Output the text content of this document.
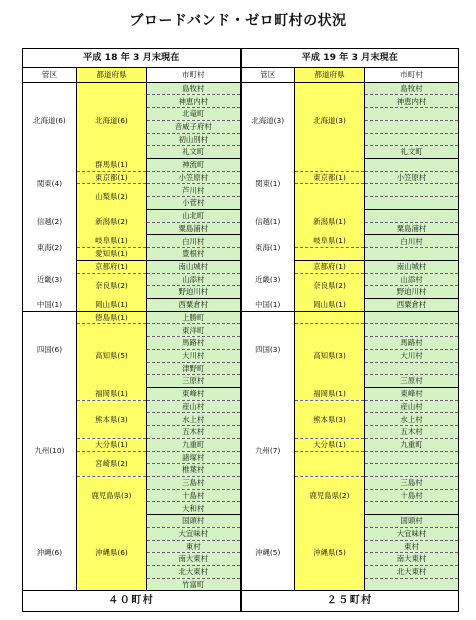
ブロードバンド・ゼロ町村の状況
平成 18 年 3 月末現在			平成 19 年 3 月末現在		
管区	都道府県	市町村	管区	都道府県	市町村
北海道(6)	北海道(6)	島牧村	北海道(3)	北海道(3)	島牧村
		神恵内村			神恵内村
		北竜町			
		音威子府村			
		初山別村			
		礼文町			礼文町
関東(4)	群馬県(1)	神流町	関東(1)		
	東京都(1)	小笠原村		東京都(1)	小笠原村
	山梨県(2)	芦川村			
		小菅村			
信越(2)	新潟県(2)	山北町	信越(1)	新潟県(1)	
		粟島浦村			粟島浦村
東海(2)	岐阜県(1)	白川村	東海(1)	岐阜県(1)	白川村
	愛知県(1)	豊根村			
近畿(3)	京都府(1)	南山城村	近畿(3)	京都府(1)	南山城村
	奈良県(2)	山添村		奈良県(2)	山添村
		野迫川村			野迫川村
中国(1)	岡山県(1)	西粟倉村	中国(1)	岡山県(1)	西粟倉村
四国(6)	徳島県(1)	上勝町	四国(3)		
	高知県(5)	東洋町		高知県(3)	
		馬路村			馬路村
		大川村			大川村
		津野町			
		三原村			三原村
九州(10)	福岡県(1)	東峰村	九州(7)	福岡県(1)	東峰村
	熊本県(3)	産山村		熊本県(3)	産山村
		水上村			水上村
		五木村			五木村
	大分県(1)	九重町		大分県(1)	九重町
	宮崎県(2)	諸塚村			
		椎葉村			
	鹿児島県(3)	三島村		鹿児島県(2)	三島村
		十島村			十島村
		大和村			
沖縄(6)	沖縄県(6)	国頭村	沖縄(5)	沖縄県(5)	国頭村
		大宜味村			大宜味村
		東村			東村
		南大東村			南大東村
		北大東村			北大東村
		竹富町			
４０町村			２５町村		
